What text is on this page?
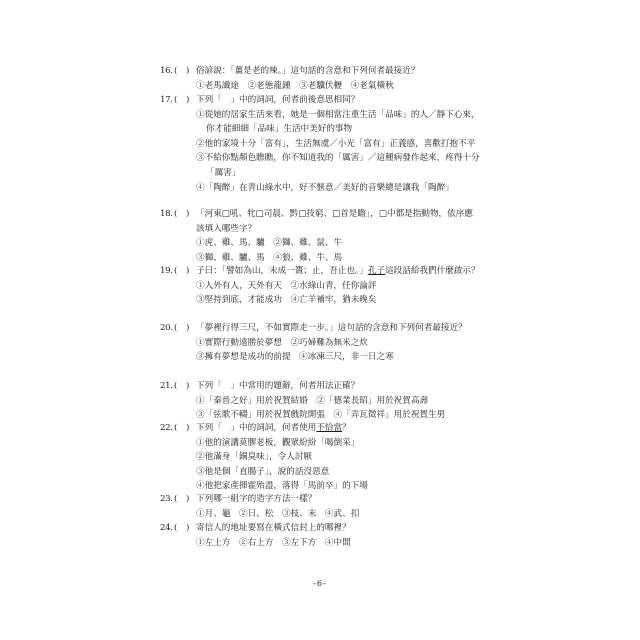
16. (　) 俗諺說：「薑是老的辣。」這句話的含意和下列何者最接近？
①老馬識途　②老態龍鍾　③老驥伏櫪　④老氣橫秋
17. (　) 下列「　」中的詞詞，何者前後意思相同？
①從她的居家生活來看，她是一個相當注重生活「品味」的人／靜下心來，你才能細細「品味」生活中美好的事物
②他的家境十分「富有」，生活無虞／小光「富有」正義感，喜歡打抱不平
③不給你點顏色瞧瞧，你不知道我的「厲害」／這種病發作起來，疼得十分「厲害」
④「陶醉」在青山綠水中，好不愜意／美好的音樂總是讓我「陶醉」
18. (　) 「河東□吼、牝□司晨、黔□技窮、□首是瞻」，□中都是指動物，依序應該填入哪些字？
①虎、雞、馬、驢　②獅、雞、鼠、牛
③獅、雞、驢、馬　④狼、雞、牛、馬
19. (　) 子曰：「譬如為山，未成一簣；止，吾止也。」孔子這段話給我們什麼啟示？
①人外有人，天外有天　②水綠山青，任你論評
③堅持到底，才能成功　④亡羊補牢，猶未晚矣
20. (　) 「夢裡行得三尺，不如實際走一步。」這句話的含意和下列何者最接近？
①實際行動遠勝於夢想　②巧婦難為無米之炊
③擁有夢想是成功的前提　④冰凍三尺，非一日之寒
21. (　) 下列「　」中常用的題辭，何者用法正確？
①「秦晉之好」用於祝賀結婚　②「德業長昭」用於祝賀高壽
③「弦歌不輟」用於祝賀戲院開張　④「弄瓦徵祥」用於祝賀生男
22. (　) 下列「　」中的詞詞，何者使用不恰當？
①他的演講莫膠老板，觀眾紛紛「喝倒采」
②他滿身「銅臭味」，令人討厭
③他是個「直腸子」，說的話沒惡意
④他把家產揮霍殆盡，落得「馬前卒」的下場
23. (　) 下列哪一組字的造字方法一樣？
①月、龜　②日、松　③枝、末　④武、扣
24. (　) 寄信人的地址要寫在橫式信封上的哪裡？
①左上方　②右上方　③左下方　④中間
-6-
